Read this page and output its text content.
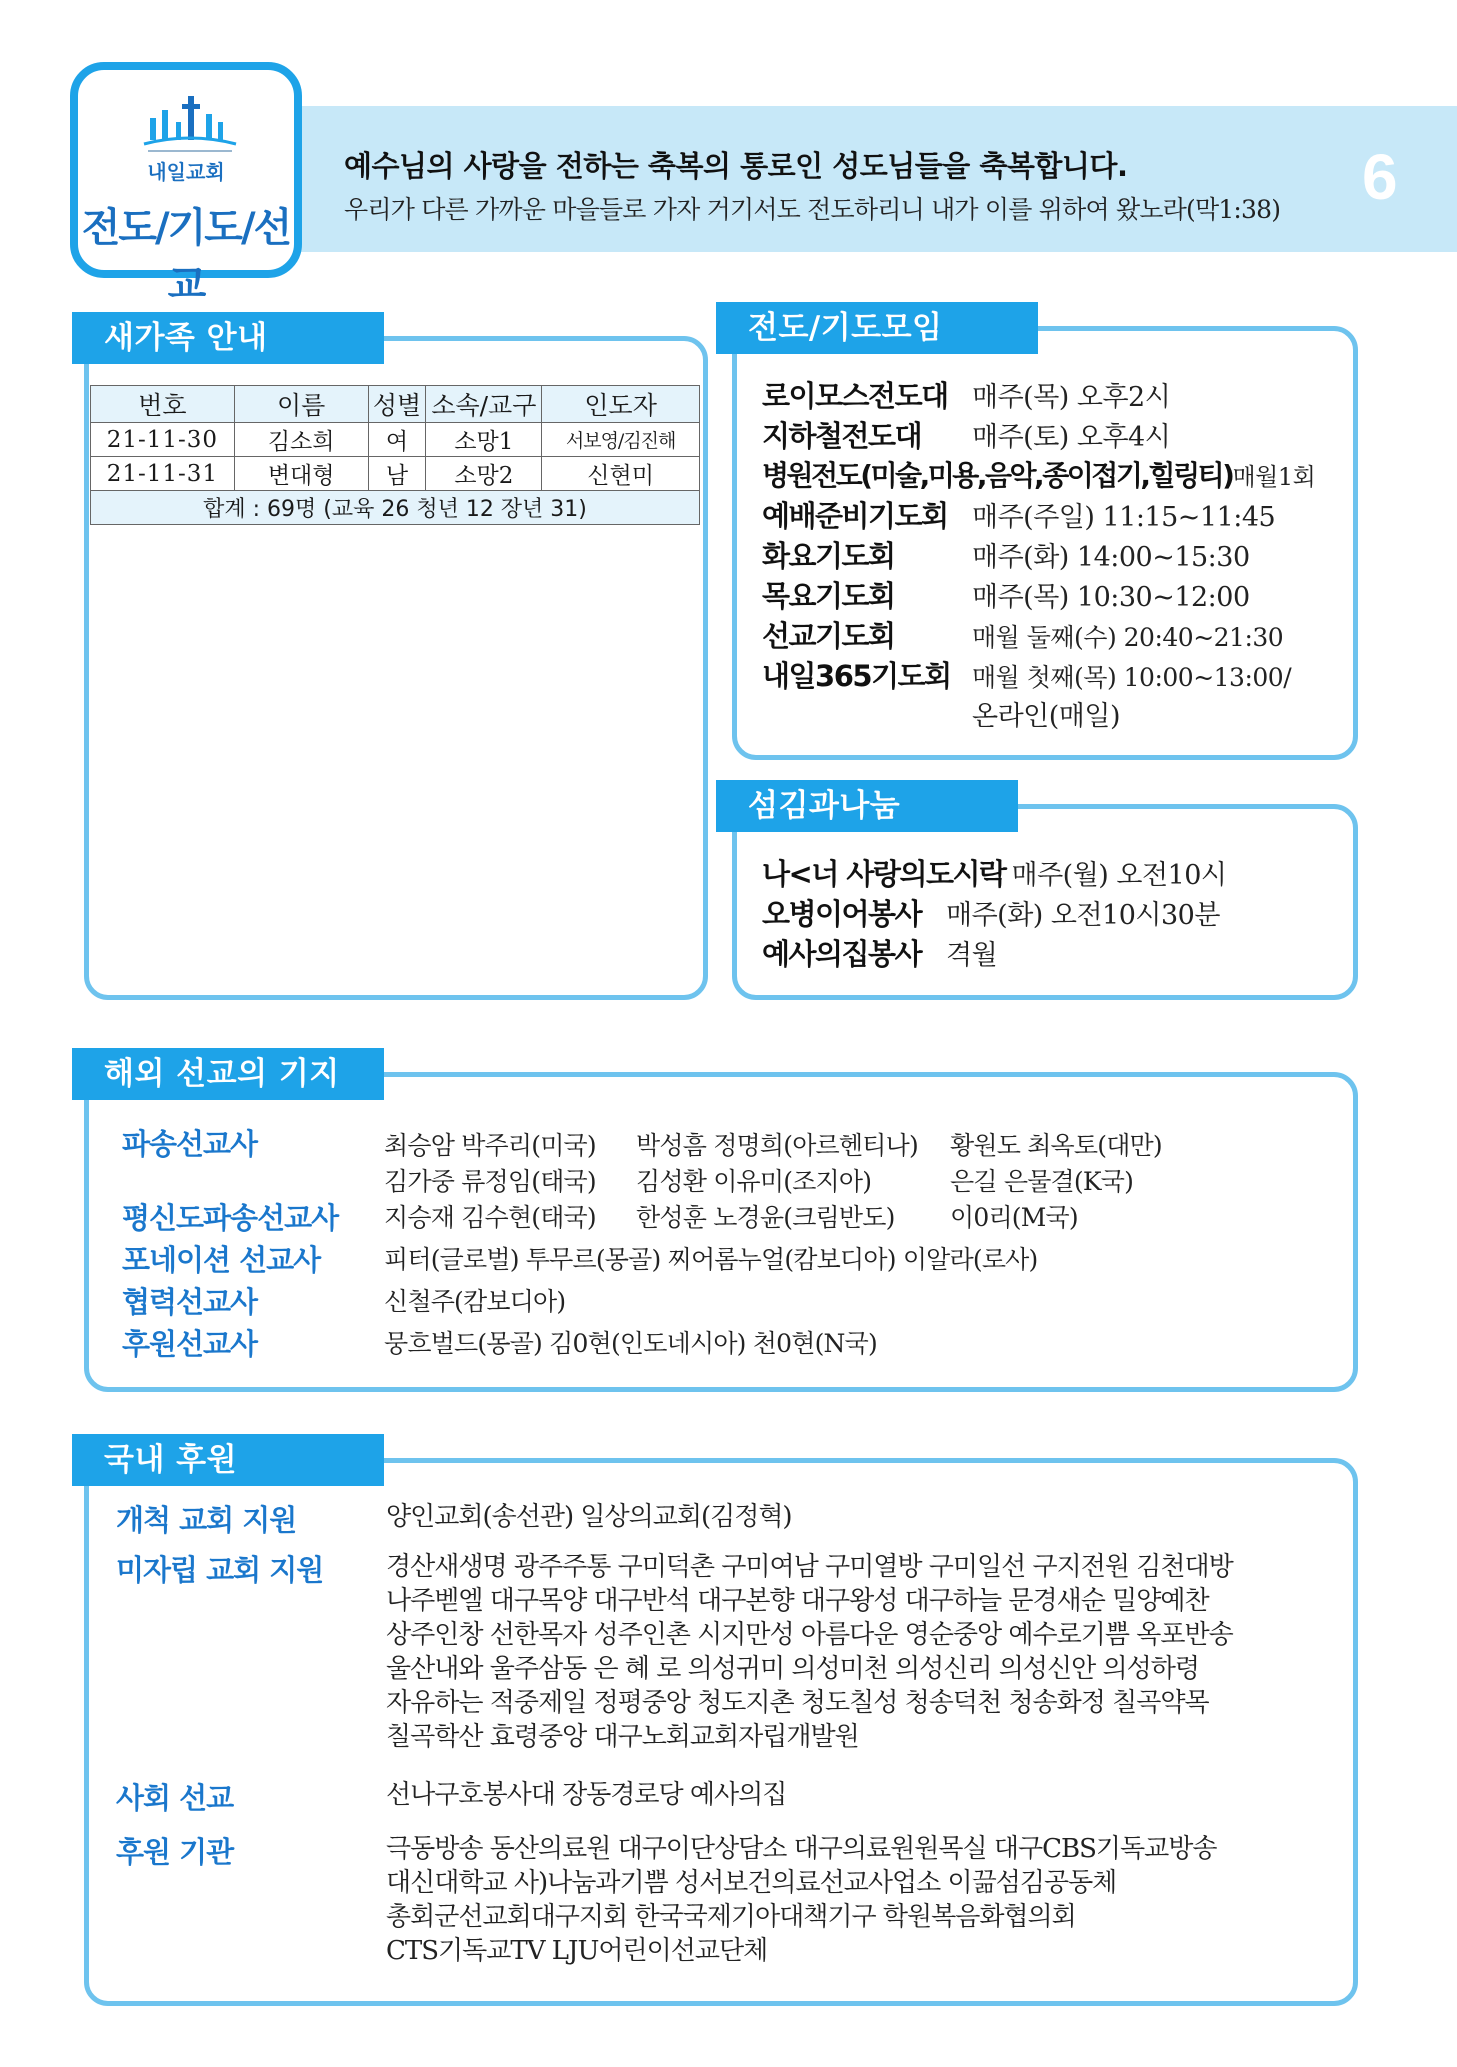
6
예수님의 사랑을 전하는 축복의 통로인 성도님들을 축복합니다.
우리가 다른 가까운 마을들로 가자 거기서도 전도하리니 내가 이를 위하여 왔노라(막1:38)
내일교회
전도/기도/선교
새가족 안내
번호	이름	성별	소속/교구	인도자
21-11-30	김소희	여	소망1	서보영/김진해
21-11-31	변대형	남	소망2	신현미
합계 : 69명 (교육 26 청년 12 장년 31)				
전도/기도모임
로이모스전도대 매주(목) 오후2시
지하철전도대 매주(토) 오후4시
병원전도(미술,미용,음악,종이접기,힐링티)매월1회
예배준비기도회 매주(주일) 11:15~11:45
화요기도회	매주(화) 14:00~15:30
목요기도회	매주(목) 10:30~12:00
선교기도회	매월 둘째(수) 20:40~21:30
내일365기도회 매월 첫째(목) 10:00~13:00/
온라인(매일)
섬김과나눔
나<너 사랑의도시락 매주(월) 오전10시
오병이어봉사 매주(화) 오전10시30분
예사의집봉사 격월
해외 선교의 기지
파송선교사	최승암 박주리(미국) 박성흠 정명희(아르헨티나) 황원도 최옥토(대만)
김가중 류정임(태국) 김성환 이유미(조지아)	은길 은물결(K국)
평신도파송선교사 지승재 김수현(태국) 한성훈 노경윤(크림반도) 이0리(M국)
포네이션 선교사	피터(글로벌) 투무르(몽골) 찌어롬누얼(캄보디아) 이알라(로사)
협력선교사	신철주(캄보디아)
후원선교사	뭉흐벌드(몽골) 김0현(인도네시아) 천0현(N국)
국내 후원
개척 교회 지원	양인교회(송선관) 일상의교회(김정혁)
미자립 교회 지원 경산새생명 광주주통 구미덕촌 구미여남 구미열방 구미일선 구지전원 김천대방
나주벧엘 대구목양 대구반석 대구본향 대구왕성 대구하늘 문경새순 밀양예찬
상주인창 선한목자 성주인촌 시지만성 아름다운 영순중앙 예수로기쁨 옥포반송
울산내와 울주삼동 은 혜 로 의성귀미 의성미천 의성신리 의성신안 의성하령
자유하는 적중제일 정평중앙 청도지촌 청도칠성 청송덕천 청송화정 칠곡약목
칠곡학산 효령중앙 대구노회교회자립개발원
사회 선교	선나구호봉사대 장동경로당 예사의집
후원 기관	극동방송 동산의료원 대구이단상담소 대구의료원원목실 대구CBS기독교방송
대신대학교 사)나눔과기쁨 성서보건의료선교사업소 이끎섬김공동체
총회군선교회대구지회 한국국제기아대책기구 학원복음화협의회
CTS기독교TV LJU어린이선교단체
